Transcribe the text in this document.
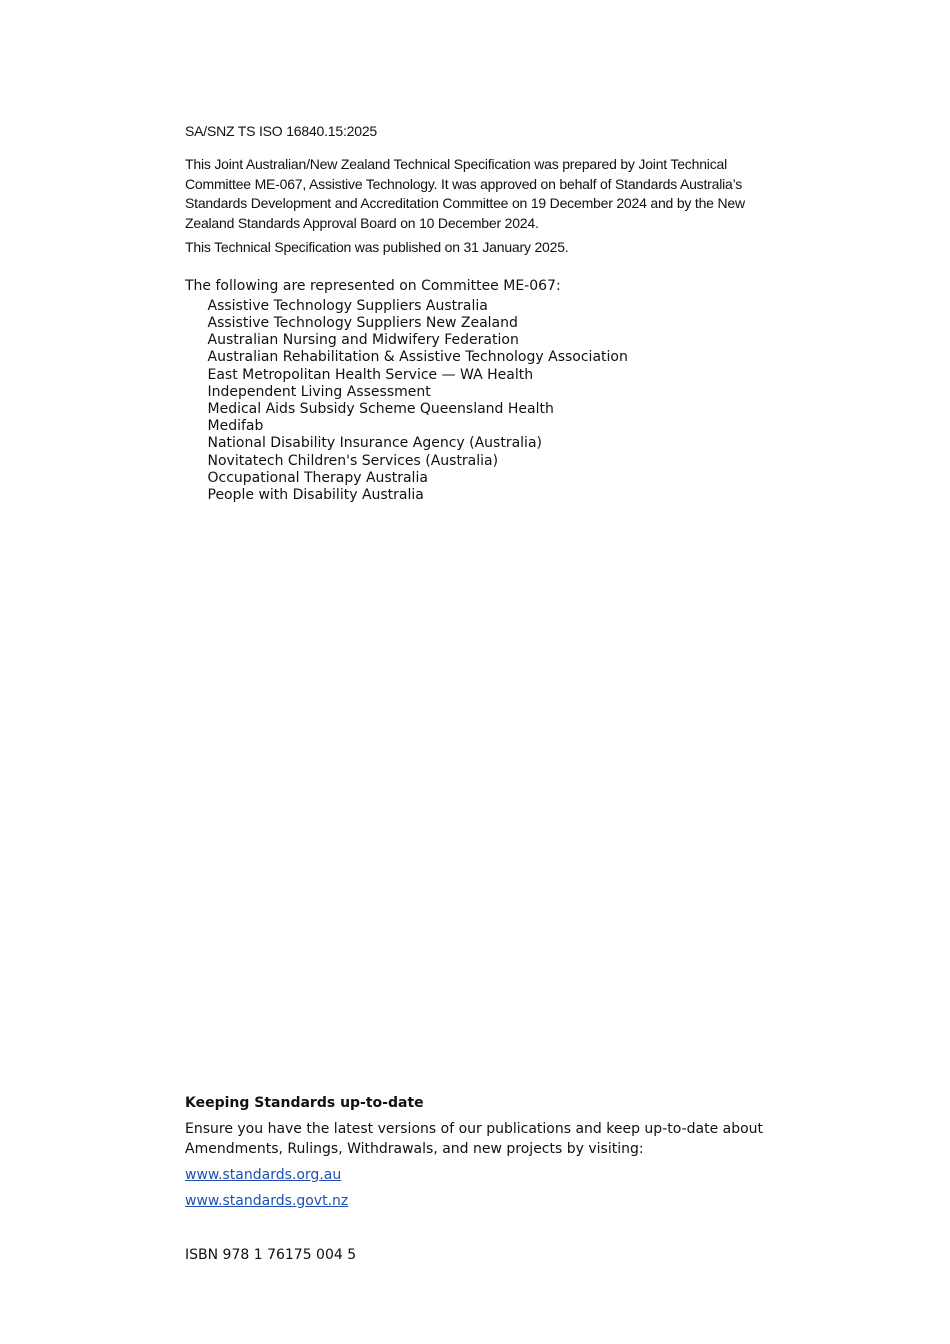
SA/SNZ TS ISO 16840.15:2025

This Joint Australian/New Zealand Technical Specification was prepared by Joint Technical Committee ME-067, Assistive Technology. It was approved on behalf of Standards Australia’s Standards Development and Accreditation Committee on 19 December 2024 and by the New Zealand Standards Approval Board on 10 December 2024.

This Technical Specification was published on 31 January 2025.

The following are represented on Committee ME-067:

Assistive Technology Suppliers Australia
Assistive Technology Suppliers New Zealand
Australian Nursing and Midwifery Federation
Australian Rehabilitation & Assistive Technology Association
East Metropolitan Health Service — WA Health
Independent Living Assessment
Medical Aids Subsidy Scheme Queensland Health
Medifab
National Disability Insurance Agency (Australia)
Novitatech Children's Services (Australia)
Occupational Therapy Australia
People with Disability Australia
Keeping Standards up-to-date

Ensure you have the latest versions of our publications and keep up-to-date about Amendments, Rulings, Withdrawals, and new projects by visiting:

www.standards.org.au
www.standards.govt.nz
ISBN 978 1 76175 004 5
